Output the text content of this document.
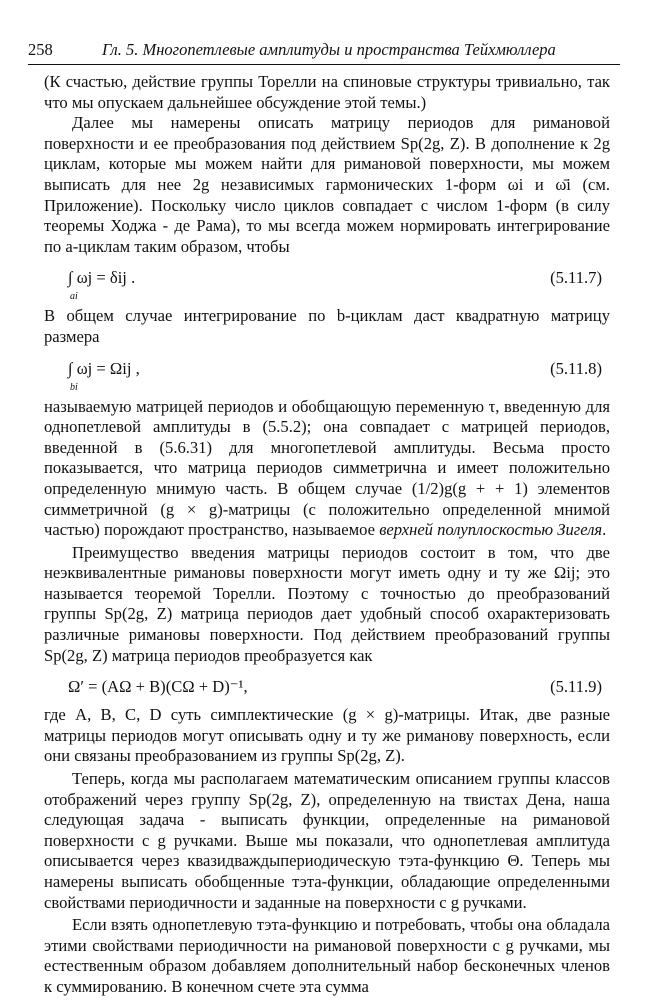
258	Гл. 5. Многопетлевые амплитуды и пространства Тейхмюллера

(К счастью, действие группы Торелли на спиновые структуры тривиально, так что мы опускаем дальнейшее обсуждение этой темы.)

Далее мы намерены описать матрицу периодов для римановой поверхности и ее преобразования под действием Sp(2g, Z). В дополнение к 2g циклам, которые мы можем найти для римановой поверхности, мы можем выписать для нее 2g независимых гармонических 1-форм ωi и ω̄i (см. Приложение). Поскольку число циклов совпадает с числом 1-форм (в силу теоремы Ходжа - де Рама), то мы всегда можем нормировать интегрирование по a-циклам таким образом, чтобы

∫ ωj = δij .
ai
(5.11.7)

В общем случае интегрирование по b-циклам даст квадратную матрицу размера

∫ ωj = Ωij ,
bi
(5.11.8)

называемую матрицей периодов и обобщающую переменную τ, введенную для однопетлевой амплитуды в (5.5.2); она совпадает с матрицей периодов, введенной в (5.6.31) для многопетлевой амплитуды. Весьма просто показывается, что матрица периодов симметрична и имеет положительно определенную мнимую часть. В общем случае (1/2)g(g + + 1) элементов симметричной (g × g)-матрицы (с положительно определенной мнимой частью) порождают пространство, называемое верхней полуплоскостью Зигеля.

Преимущество введения матрицы периодов состоит в том, что две неэквивалентные римановы поверхности могут иметь одну и ту же Ωij; это называется теоремой Торелли. Поэтому с точностью до преобразований группы Sp(2g, Z) матрица периодов дает удобный способ охарактеризовать различные римановы поверхности. Под действием преобразований группы Sp(2g, Z) матрица периодов преобразуется как

Ω′ = (AΩ + B)(CΩ + D)⁻¹,	(5.11.9)

где A, B, C, D суть симплектические (g × g)-матрицы. Итак, две разные матрицы периодов могут описывать одну и ту же риманову поверхность, если они связаны преобразованием из группы Sp(2g, Z).

Теперь, когда мы располагаем математическим описанием группы классов отображений через группу Sp(2g, Z), определенную на твистах Дена, наша следующая задача - выписать функции, определенные на римановой поверхности с g ручками. Выше мы показали, что однопетлевая амплитуда описывается через квазидваждыпериодическую тэта-функцию Θ. Теперь мы намерены выписать обобщенные тэта-функции, обладающие определенными свойствами периодичности и заданные на поверхности с g ручками.

Если взять однопетлевую тэта-функцию и потребовать, чтобы она обладала этими свойствами периодичности на римановой поверхности с g ручками, мы естественным образом добавляем дополнительный набор бесконечных членов к суммированию. В конечном счете эта сумма
